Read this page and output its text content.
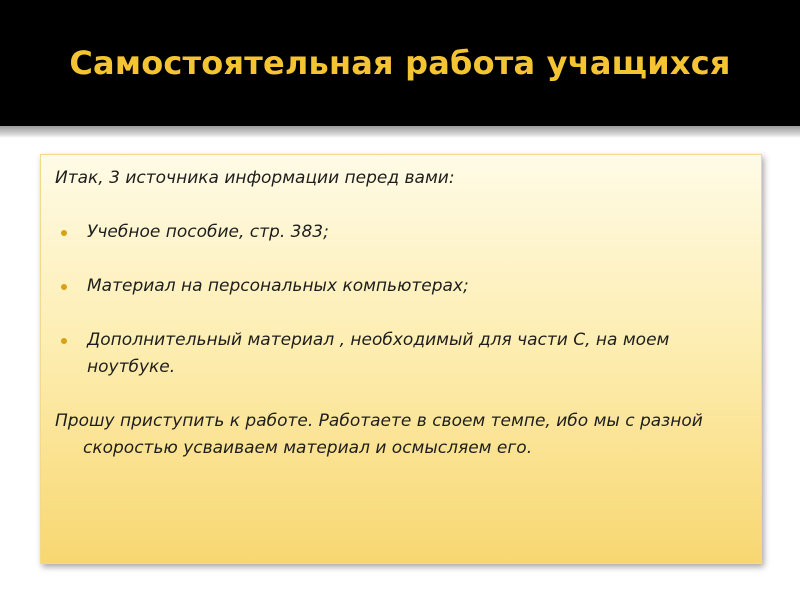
Самостоятельная работа учащихся

Итак, 3 источника информации перед вами:

Учебное пособие, стр. 383;
Материал на персональных компьютерах;
Дополнительный материал , необходимый для части С, на моем ноутбуке.

Прошу приступить к работе. Работаете в своем темпе, ибо мы с разной скоростью усваиваем материал и осмысляем его.
